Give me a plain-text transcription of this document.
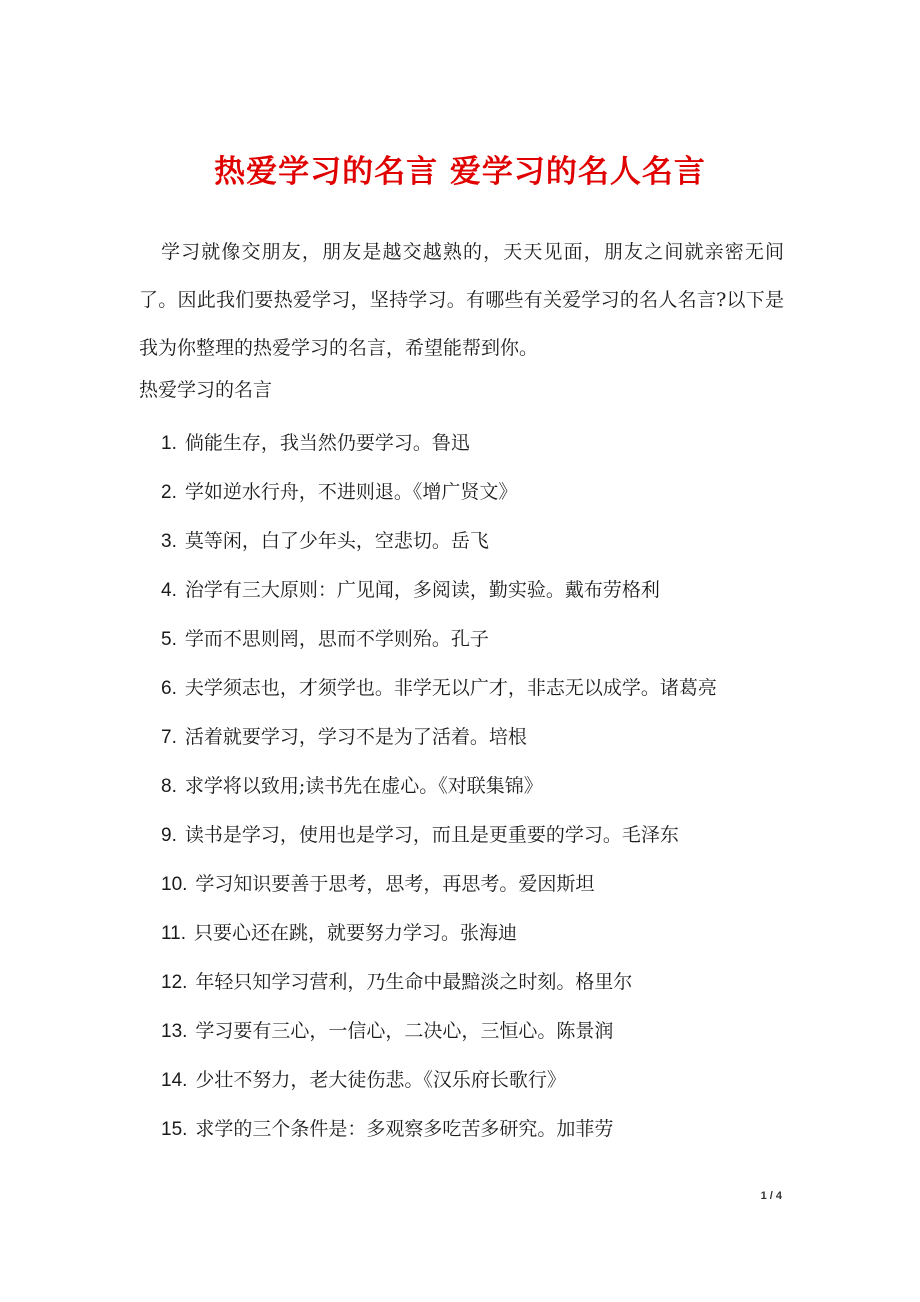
热爱学习的名言 爱学习的名人名言
学习就像交朋友，朋友是越交越熟的，天天见面，朋友之间就亲密无间了。因此我们要热爱学习，坚持学习。有哪些有关爱学习的名人名言?以下是我为你整理的热爱学习的名言，希望能帮到你。
热爱学习的名言
1. 倘能生存，我当然仍要学习。鲁迅
2. 学如逆水行舟，不进则退。《增广贤文》
3. 莫等闲，白了少年头，空悲切。岳飞
4. 治学有三大原则：广见闻，多阅读，勤实验。戴布劳格利
5. 学而不思则罔，思而不学则殆。孔子
6. 夫学须志也，才须学也。非学无以广才，非志无以成学。诸葛亮
7. 活着就要学习，学习不是为了活着。培根
8. 求学将以致用;读书先在虚心。《对联集锦》
9. 读书是学习，使用也是学习，而且是更重要的学习。毛泽东
10. 学习知识要善于思考，思考，再思考。爱因斯坦
11. 只要心还在跳，就要努力学习。张海迪
12. 年轻只知学习营利，乃生命中最黯淡之时刻。格里尔
13. 学习要有三心，一信心，二决心，三恒心。陈景润
14. 少壮不努力，老大徒伤悲。《汉乐府长歌行》
15. 求学的三个条件是：多观察多吃苦多研究。加菲劳
1 / 4
